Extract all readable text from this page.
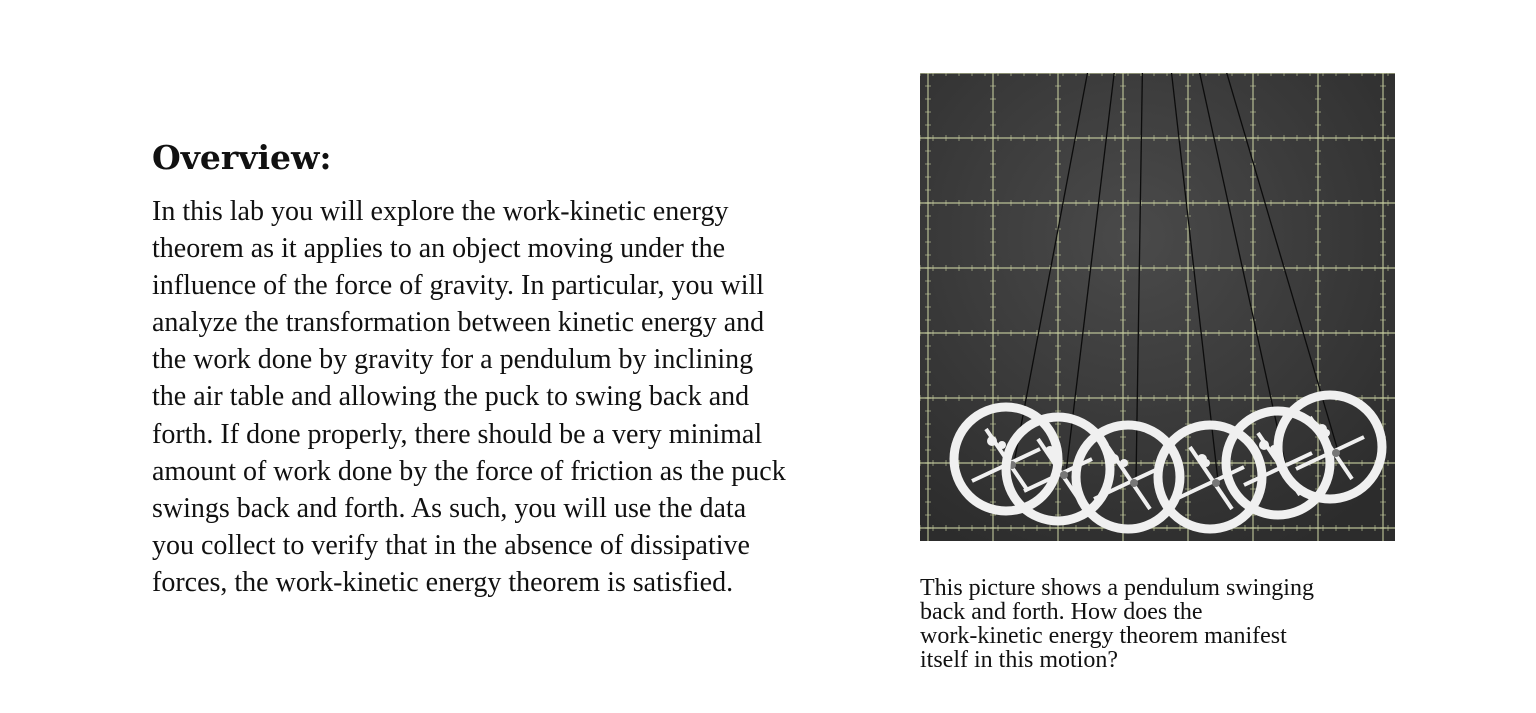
Overview:

In this lab you will explore the work-kinetic energy
theorem as it applies to an object moving under the
influence of the force of gravity. In particular, you will
analyze the transformation between kinetic energy and
the work done by gravity for a pendulum by inclining
the air table and allowing the puck to swing back and
forth. If done properly, there should be a very minimal
amount of work done by the force of friction as the puck
swings back and forth. As such, you will use the data
you collect to verify that in the absence of dissipative
forces, the work-kinetic energy theorem is satisfied.	This picture shows a pendulum swinging
back and forth. How does the
work-kinetic energy theorem manifest
itself in this motion?
